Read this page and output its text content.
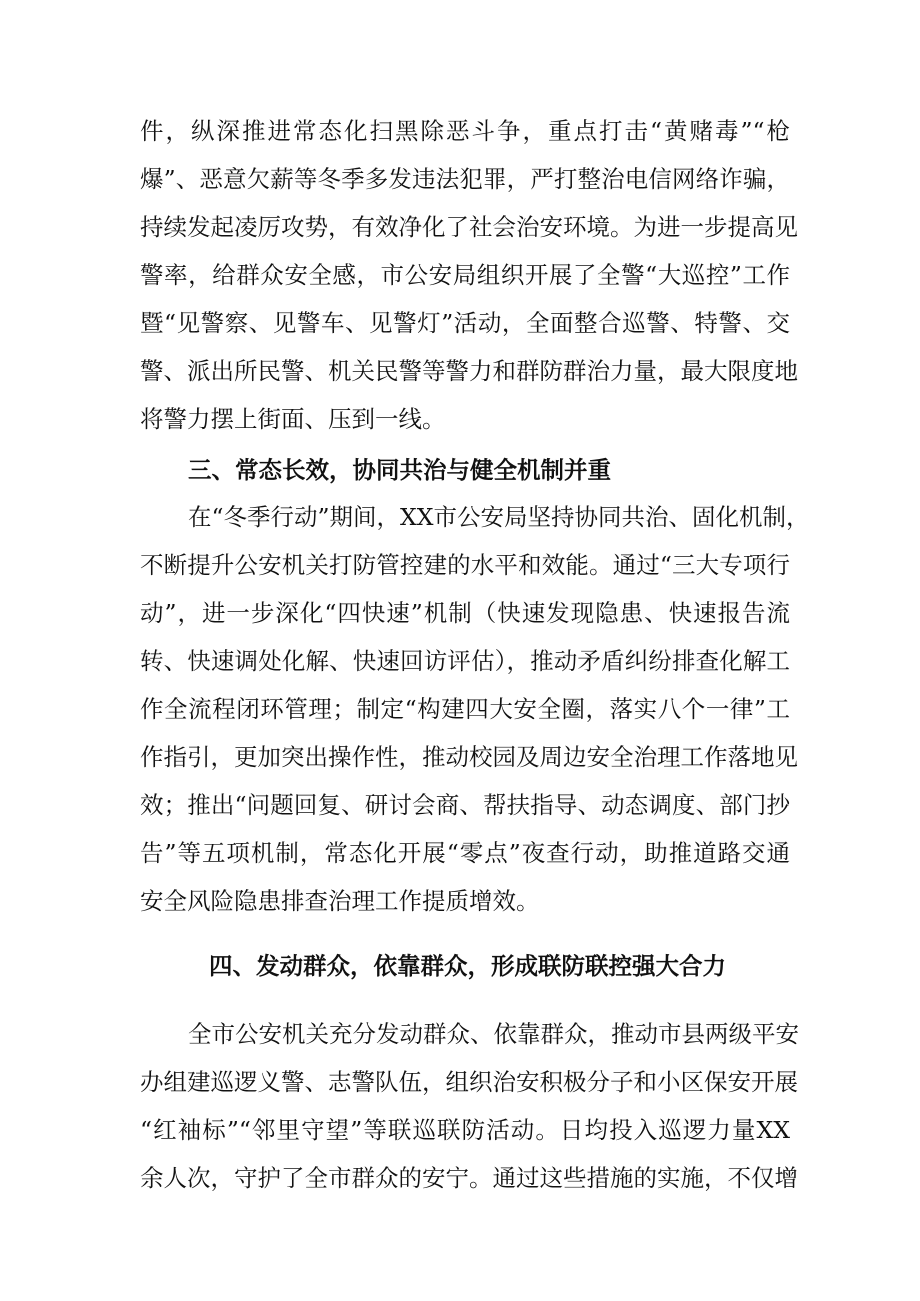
件，纵深推进常态化扫黑除恶斗争，重点打击“黄赌毒”“枪
爆”、恶意欠薪等冬季多发违法犯罪，严打整治电信网络诈骗，
持续发起凌厉攻势，有效净化了社会治安环境。为进一步提高见
警率，给群众安全感，市公安局组织开展了全警“大巡控”工作
暨“见警察、见警车、见警灯”活动，全面整合巡警、特警、交
警、派出所民警、机关民警等警力和群防群治力量，最大限度地
将警力摆上街面、压到一线。
三、常态长效，协同共治与健全机制并重
在“冬季行动”期间，XX市公安局坚持协同共治、固化机制，
不断提升公安机关打防管控建的水平和效能。通过“三大专项行
动”，进一步深化“四快速”机制（快速发现隐患、快速报告流
转、快速调处化解、快速回访评估），推动矛盾纠纷排查化解工
作全流程闭环管理；制定“构建四大安全圈，落实八个一律”工
作指引，更加突出操作性，推动校园及周边安全治理工作落地见
效；推出“问题回复、研讨会商、帮扶指导、动态调度、部门抄
告”等五项机制，常态化开展“零点”夜查行动，助推道路交通
安全风险隐患排查治理工作提质增效。
四、发动群众，依靠群众，形成联防联控强大合力
全市公安机关充分发动群众、依靠群众，推动市县两级平安
办组建巡逻义警、志警队伍，组织治安积极分子和小区保安开展
“红袖标”“邻里守望”等联巡联防活动。日均投入巡逻力量XX
余人次，守护了全市群众的安宁。通过这些措施的实施，不仅增
